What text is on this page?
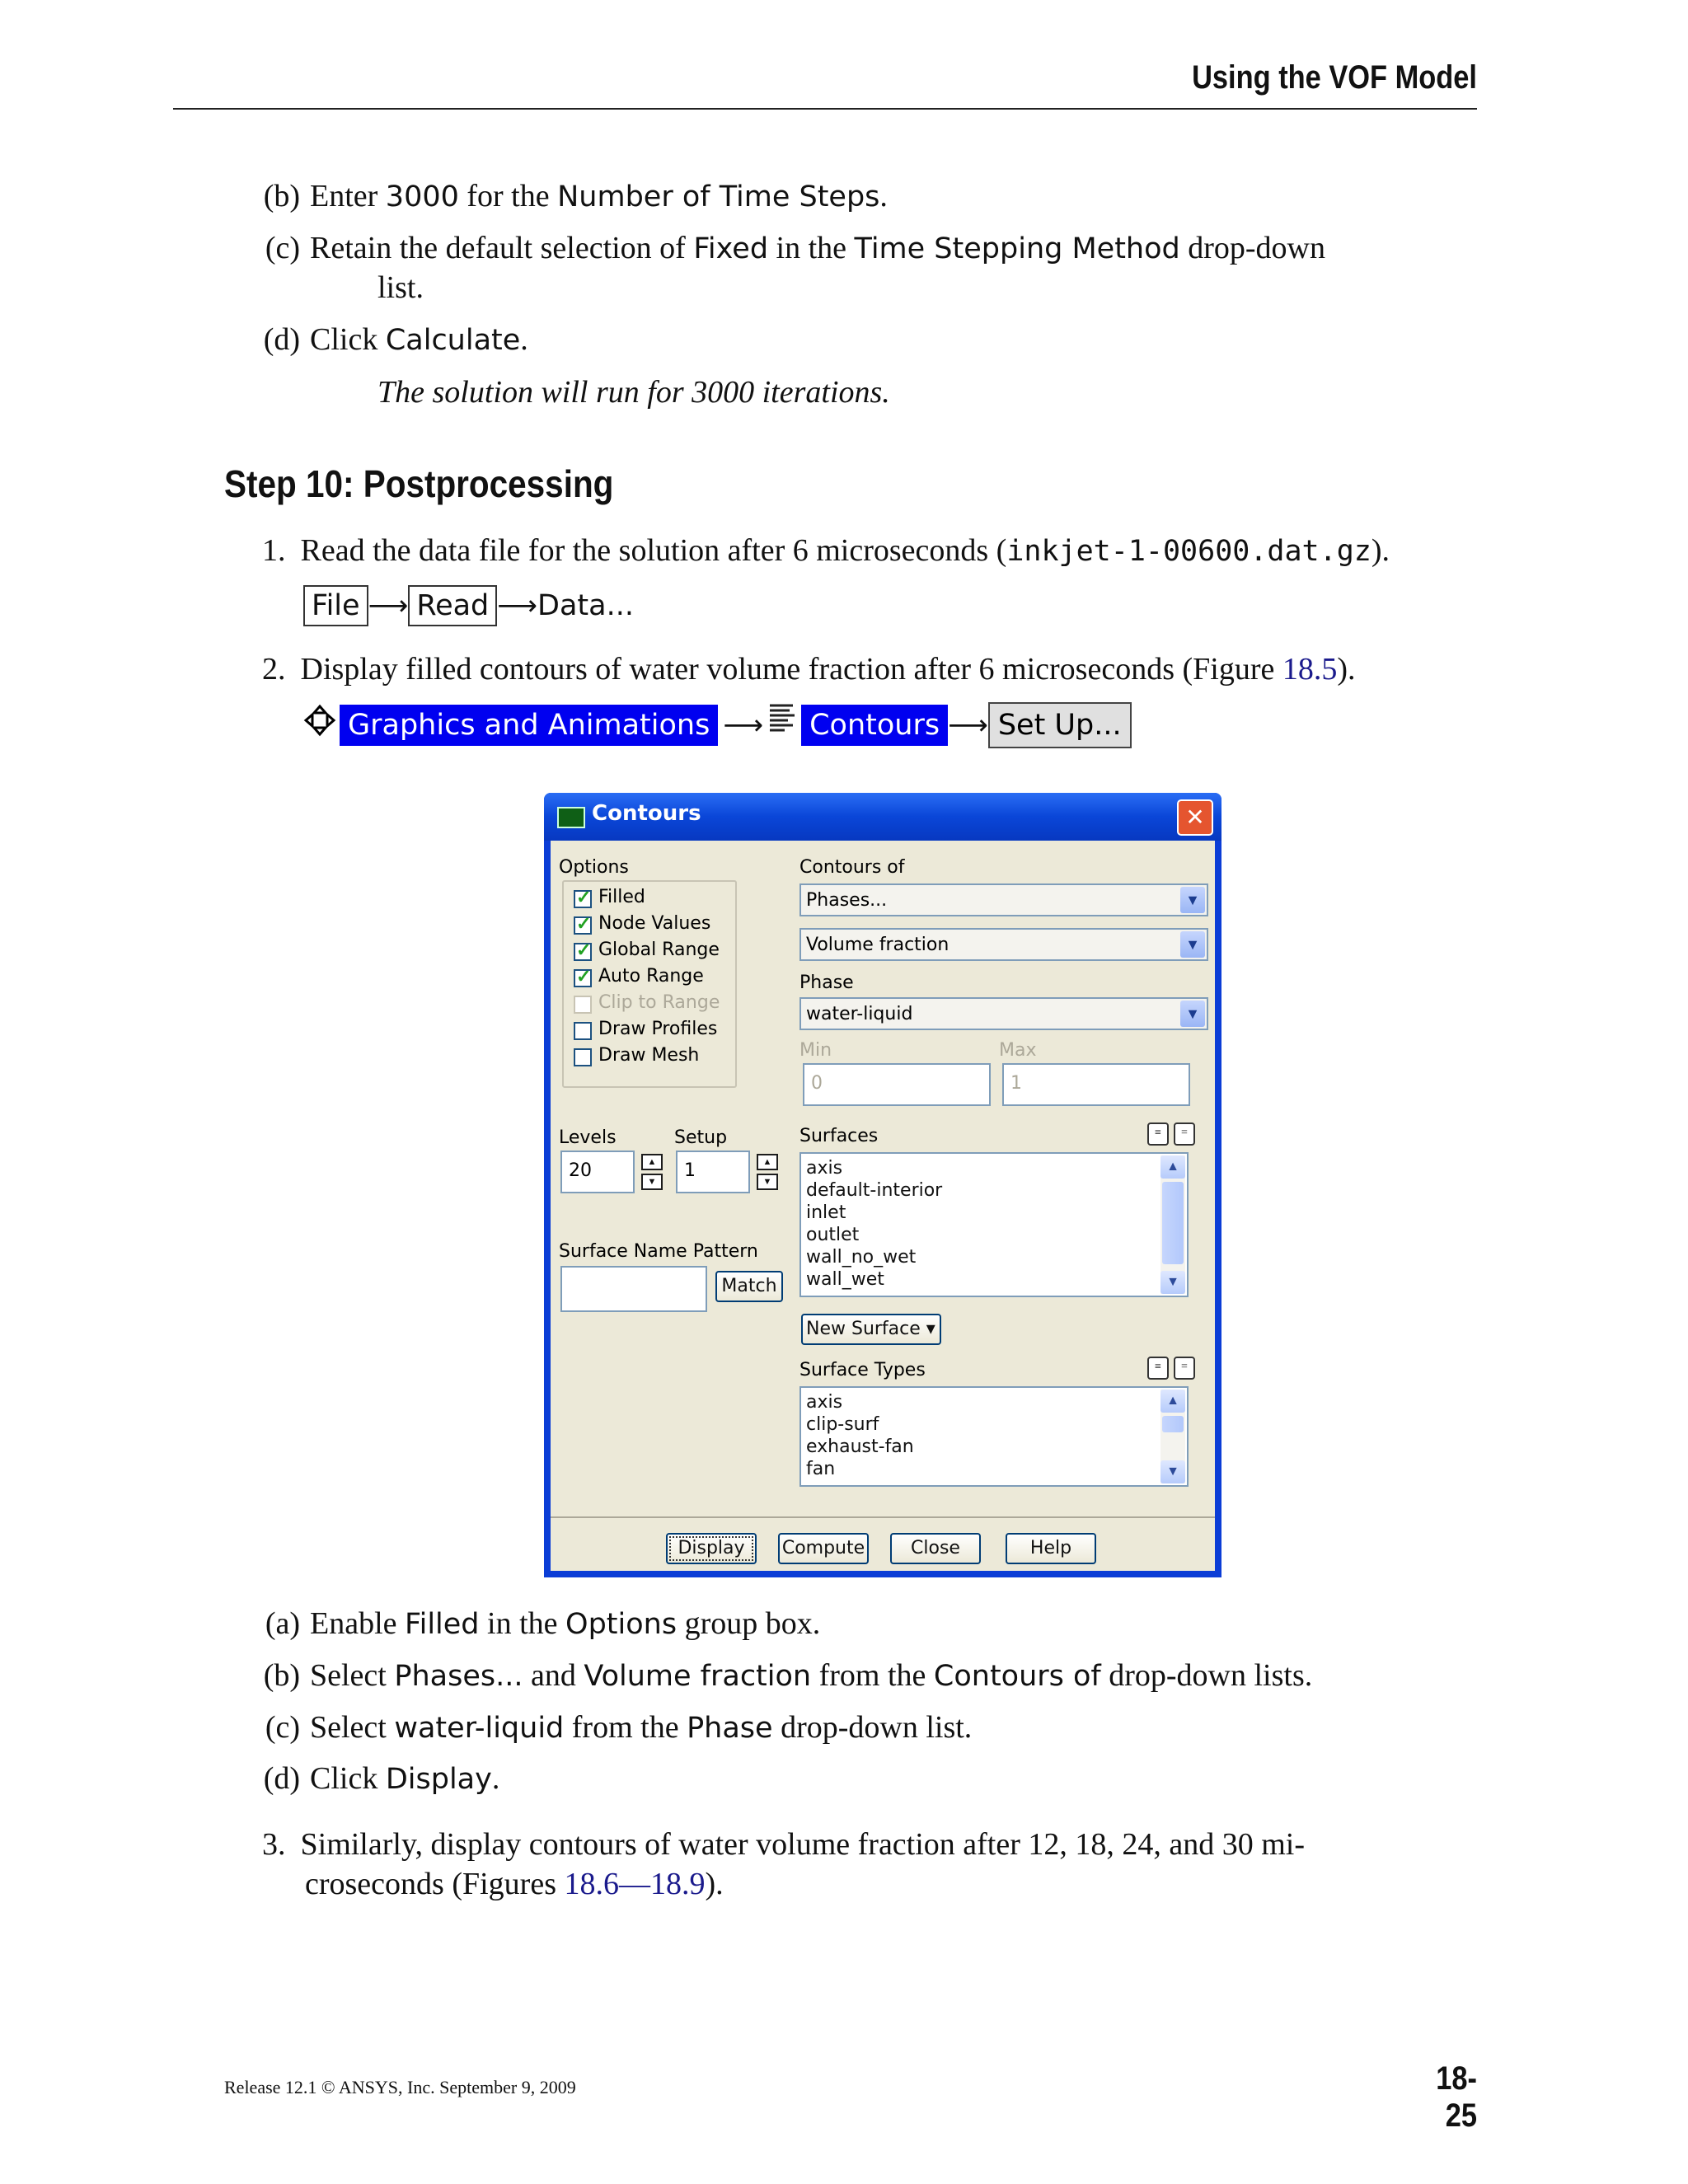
Using the VOF Model
(b) Enter 3000 for the Number of Time Steps.
(c) Retain the default selection of Fixed in the Time Stepping Method drop-down
list.
(d) Click Calculate.
The solution will run for 3000 iterations.
Step 10: Postprocessing
1. Read the data file for the solution after 6 microseconds (inkjet-1-00600.dat.gz).
File ⟶ Read ⟶Data...
2. Display filled contours of water volume fraction after 6 microseconds (Figure 18.5).
Graphics and Animations ⟶ Contours ⟶ Set Up...
Contours	✕
Options
✓
Filled
✓
Node Values
✓
Global Range
✓
Auto Range
Clip to Range
Draw Profiles
Draw Mesh
Contours of
Phases...	▼
Volume fraction	▼
Phase
water-liquid	▼
Min
0
Max
1
Levels
20	▲
▼
Setup
1	▲
▼
Surface Name Pattern
Match
Surfaces	≡	=
axis
default-interior
inlet
outlet
wall_no_wet
wall_wet
▲
▼
New Surface ▾
Surface Types	≡	=
axis
clip-surf
exhaust-fan
fan
▲
▼
Display	Compute	Close	Help
(a) Enable Filled in the Options group box.
(b) Select Phases... and Volume fraction from the Contours of drop-down lists.
(c) Select water-liquid from the Phase drop-down list.
(d) Click Display.
3. Similarly, display contours of water volume fraction after 12, 18, 24, and 30 mi-
croseconds (Figures 18.6—18.9).
Release 12.1 © ANSYS, Inc. September 9, 2009	18-25
